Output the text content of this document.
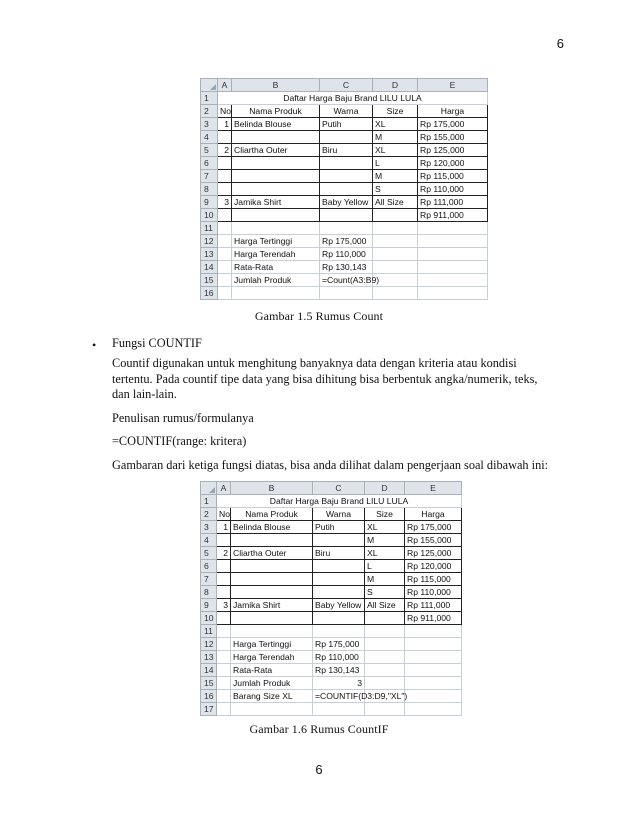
6
	A	B	C	D	E
1	Daftar Harga Baju Brand LILU LULA				
2	No	Nama Produk	Warna	Size	Harga
3	1	Belinda Blouse	Putih	XL	Rp 175,000
4				M	Rp 155,000
5	2	Cliartha Outer	Biru	XL	Rp 125,000
6				L	Rp 120,000
7				M	Rp 115,000
8				S	Rp 110,000
9	3	Jamika Shirt	Baby Yellow	All Size	Rp 111,000
10					Rp 911,000
11					
12		Harga Tertinggi	Rp 175,000		
13		Harga Terendah	Rp 110,000		
14		Rata-Rata	Rp 130,143		
15		Jumlah Produk	=Count(A3:B9)		
16					
Gambar 1.5 Rumus Count
• Fungsi COUNTIF
Countif digunakan untuk menghitung banyaknya data dengan kriteria atau kondisi tertentu. Pada countif tipe data yang bisa dihitung bisa berbentuk angka/numerik, teks, dan lain-lain.
Penulisan rumus/formulanya
=COUNTIF(range: kritera)
Gambaran dari ketiga fungsi diatas, bisa anda dilihat dalam pengerjaan soal dibawah ini:
	A	B	C	D	E
1	Daftar Harga Baju Brand LILU LULA				
2	No	Nama Produk	Warna	Size	Harga
3	1	Belinda Blouse	Putih	XL	Rp 175,000
4				M	Rp 155,000
5	2	Cliartha Outer	Biru	XL	Rp 125,000
6				L	Rp 120,000
7				M	Rp 115,000
8				S	Rp 110,000
9	3	Jamika Shirt	Baby Yellow	All Size	Rp 111,000
10					Rp 911,000
11					
12		Harga Tertinggi	Rp 175,000		
13		Harga Terendah	Rp 110,000		
14		Rata-Rata	Rp 130,143		
15		Jumlah Produk	3		
16		Barang Size XL	=COUNTIF(D3:D9,"XL")		
17					
Gambar 1.6 Rumus CountIF
6
